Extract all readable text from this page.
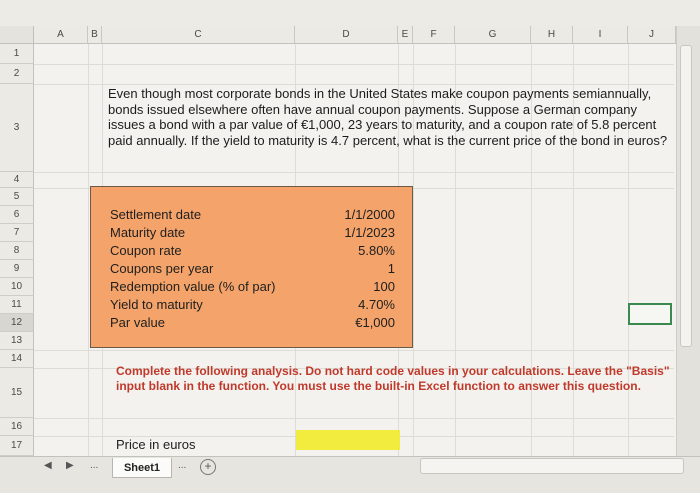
A	B	C	D	E	F	G	H	I	J
1
2
3
4
5
6
7
8
9
10
11
12
13
14
15
16
17
Even though most corporate bonds in the United States make coupon payments semiannually, bonds issued elsewhere often have annual coupon payments. Suppose a German company issues a bond with a par value of €1,000, 23 years to maturity, and a coupon rate of 5.8 percent paid annually. If the yield to maturity is 4.7 percent, what is the current price of the bond in euros?
Settlement date	1/1/2000
Maturity date	1/1/2023
Coupon rate	5.80%
Coupons per year	1
Redemption value (% of par)	100
Yield to maturity	4.70%
Par value	€1,000
Complete the following analysis. Do not hard code values in your calculations. Leave the "Basis" input blank in the function. You must use the built-in Excel function to answer this question.
Price in euros
◀ ▶ ...	Sheet1	...	+
